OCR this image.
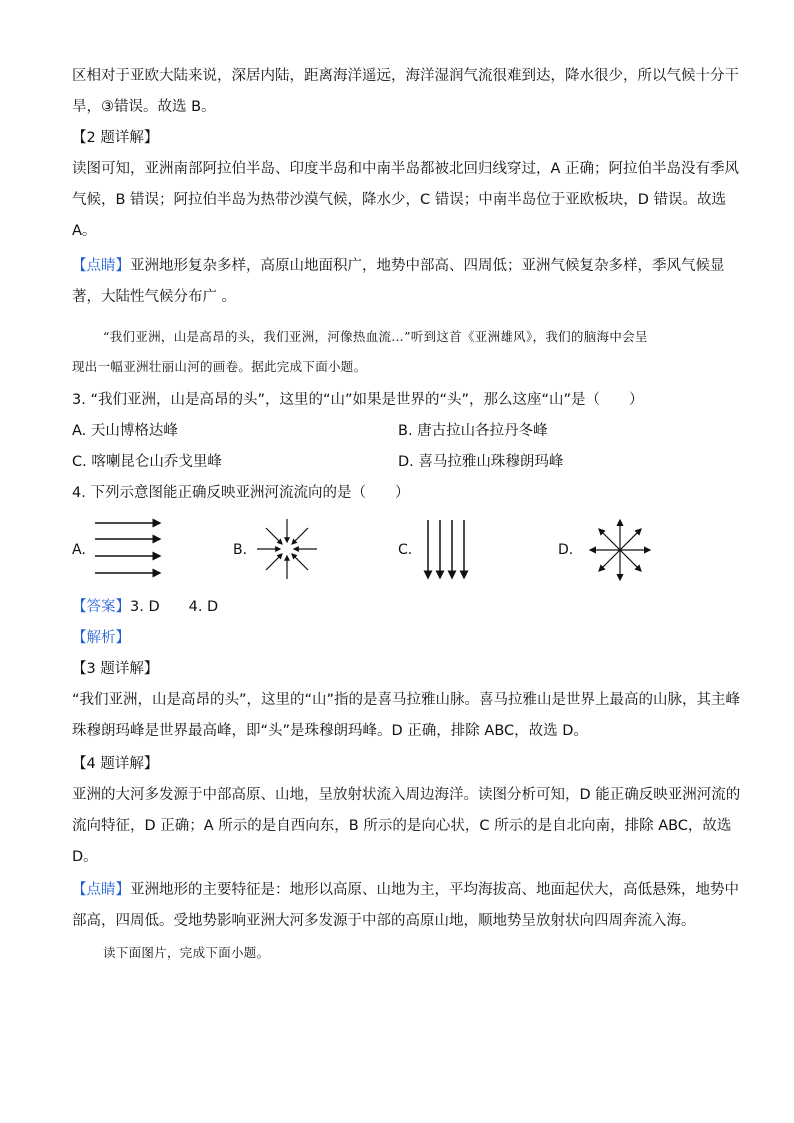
区相对于亚欧大陆来说，深居内陆，距离海洋遥远，海洋湿润气流很难到达，降水很少，所以气候十分干
旱，③错误。故选 B。
【2 题详解】
读图可知，亚洲南部阿拉伯半岛、印度半岛和中南半岛都被北回归线穿过，A 正确；阿拉伯半岛没有季风
气候，B 错误；阿拉伯半岛为热带沙漠气候，降水少，C 错误；中南半岛位于亚欧板块，D 错误。故选
A。
【点睛】亚洲地形复杂多样，高原山地面积广，地势中部高、四周低；亚洲气候复杂多样，季风气候显
著，大陆性气候分布广 。
“我们亚洲，山是高昂的头，我们亚洲，河像热血流…”听到这首《亚洲雄风》，我们的脑海中会呈
现出一幅亚洲壮丽山河的画卷。据此完成下面小题。
3. “我们亚洲，山是高昂的头”，这里的“山”如果是世界的“头”，那么这座“山”是（　　）
A. 天山博格达峰	B. 唐古拉山各拉丹冬峰
C. 喀喇昆仑山乔戈里峰	D. 喜马拉雅山珠穆朗玛峰
4. 下列示意图能正确反映亚洲河流流向的是（　　）
A.	B.	C.	D.
【答案】3. D　　4. D
【解析】
【3 题详解】
“我们亚洲，山是高昂的头”，这里的“山”指的是喜马拉雅山脉。喜马拉雅山是世界上最高的山脉，其主峰
珠穆朗玛峰是世界最高峰，即“头”是珠穆朗玛峰。D 正确，排除 ABC，故选 D。
【4 题详解】
亚洲的大河多发源于中部高原、山地，呈放射状流入周边海洋。读图分析可知，D 能正确反映亚洲河流的
流向特征，D 正确；A 所示的是自西向东，B 所示的是向心状，C 所示的是自北向南，排除 ABC，故选
D。
【点睛】亚洲地形的主要特征是：地形以高原、山地为主，平均海拔高、地面起伏大，高低悬殊，地势中
部高，四周低。受地势影响亚洲大河多发源于中部的高原山地，顺地势呈放射状向四周奔流入海。
读下面图片，完成下面小题。
